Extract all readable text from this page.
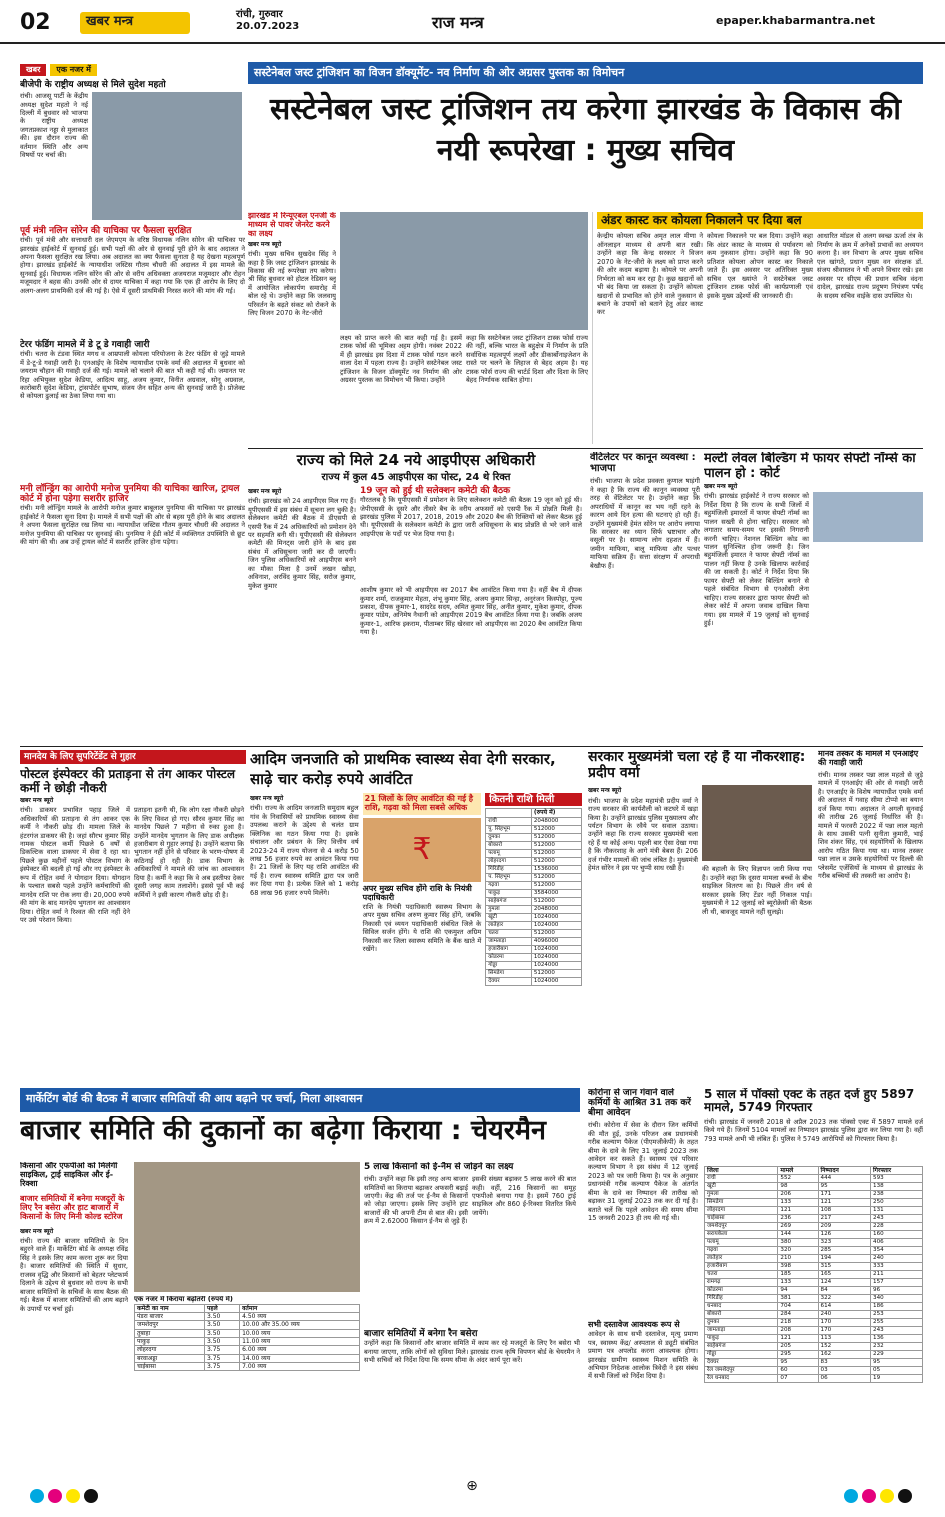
02	खबर मन्त्र	रांची, गुरुवार
20.07.2023	राज मन्त्र	epaper.khabarmantra.net
खबर	एक नजर में
बीजेपी के राष्ट्रीय अध्यक्ष से मिले सुदेश महतो
रांची। आजसू पार्टी के केंद्रीय अध्यक्ष सुदेश महतो ने नई दिल्ली में बुधवार को भाजपा के राष्ट्रीय अध्यक्ष जगतप्रकाश नड्डा से मुलाकात की। इस दौरान राज्य की वर्तमान स्थिति और अन्य विषयों पर चर्चा की।
पूर्व मंत्री नलिन सोरेन की याचिका पर फैसला सुरक्षित
रांची। पूर्व मंत्री और सत्ताधारी दल जेएमएम के वरिष्ठ विधायक नलिन सोरेन की याचिका पर झारखंड हाईकोर्ट में सुनवाई हुई। सभी पक्षों की ओर से सुनवाई पूरी होने के बाद अदालत ने अपना फैसला सुरक्षित रख लिया। अब अदालत का क्या फैसला सुनाता है यह देखना महत्वपूर्ण होगा। झारखंड हाईकोर्ट के न्यायाधीश जस्टिस गौतम चौधरी की अदालत में इस मामले की सुनवाई हुई। विधायक नलिन सोरेन की ओर से वरीय अधिवक्ता अजयराज मजूमदार और रोहन मजूमदार ने बहस की। उनकी ओर से दायर याचिका में कहा गया कि एक ही आरोप के लिए दो अलग-अलग प्राथमिकी दर्ज की गई है। ऐसे में दूसरी प्राथमिकी निरस्त करने की मांग की गई।
टेरर फंडिंग मामले में डे टू डे गवाही जारी
रांची। चतरा के टंडवा स्थित मगध व आम्रपाली कोयला परियोजना के टेरर फंडिंग से जुड़े मामले में डे-टू-डे गवाही जारी है। एनआईए के विशेष न्यायाधीश एमके वर्मा की अदालत में बुधवार को जयराम चौहान की गवाही दर्ज की गई। मामले को चलाने की बात भी कही गई थी। जमानत पर रिहा अभियुक्त सुदेश केडिया, आदित्य साहू, अजय कुमार, विनीत अग्रवाल, सोनू अग्रवाल, कारोबारी सुदेश केडिया, ट्रांसपोर्टर सुभाष, संजय जैन सहित अन्य की सुनवाई जारी है। प्रोजेक्ट से कोयला ढुलाई का ठेका लिया गया था।
मनी लॉन्ड्रिंग का आरोपी मनोज पुनमिया की याचिका खारिज, ट्रायल कोर्ट में होना पड़ेगा सशरीर हाजिर
रांची। मनी लॉन्ड्रिंग मामले के आरोपी मनोज कुमार बाबूलाल पुनमिया की याचिका पर झारखंड हाईकोर्ट ने फैसला सुना दिया है। मामले में सभी पक्षों की ओर से बहस पूरी होने के बाद अदालत ने अपना फैसला सुरक्षित रख लिया था। न्यायाधीश जस्टिस गौतम कुमार चौधरी की अदालत ने मनोज पुनमिया की याचिका पर सुनवाई की। पुनमिया ने ईडी कोर्ट में व्यक्तिगत उपस्थिति से छूट की मांग की थी। अब उन्हें ट्रायल कोर्ट में सशरीर हाजिर होना पड़ेगा।
सस्टेनेबल जस्ट ट्रांजिशन का विजन डॉक्यूमेंट- नव निर्माण की ओर अग्रसर पुस्तक का विमोचन
सस्टेनेबल जस्ट ट्रांजिशन तय करेगा झारखंड के विकास की नयी रूपरेखा : मुख्य सचिव
झारखंड में रिन्यूएबल एनर्जी के माध्यम से पावर जेनरेट करने का लक्ष्य
खबर मन्त्र ब्यूरो
रांची। मुख्य सचिव सुखदेव सिंह ने कहा है कि जस्ट ट्रांजिशन झारखंड के विकास की नई रूपरेखा तय करेगा। श्री सिंह बुधवार को होटल रेडिसन ब्लू में आयोजित लोकार्पण समारोह में बोल रहे थे। उन्होंने कहा कि जलवायु परिवर्तन के बढ़ते संकट को रोकने के लिए विजन 2070 के नेट-जीरो
लक्ष्य को प्राप्त करने की बात कही गई है। इसमें टास्क फोर्स की भूमिका अहम होगी। नवंबर 2022 में ही झारखंड इस दिशा में टास्क फोर्स गठन करने वाला देश में पहला राज्य है। उन्होंने सस्टेनेबल जस्ट ट्रांजिशन के विजन डॉक्यूमेंट नव निर्माण की ओर अग्रसर पुस्तक का विमोचन भी किया। उन्होंने
कहा कि सस्टेनेबल जस्ट ट्रांजिशन टास्क फोर्स राज्य की नहीं, बल्कि भारत के बहुक्षेत्र में निर्माण के प्रति सर्वाधिक महत्वपूर्ण लक्ष्यों और डीकार्बोनाइजेशन के रास्ते पर चलने के लिहाज से बेहद अहम है। यह टास्क फोर्स राज्य की चार्टर्ड दिशा और दिशा के लिए बेहद निर्णायक साबित होगा।
अंडर कास्ट कर कोयला निकालने पर दिया बल
केन्द्रीय कोयला सचिव अमृत लाल मीणा ने ऑनलाइन माध्यम से अपनी बात रखी। उन्होंने कहा कि केन्द्र सरकार ने विजन 2070 के नेट-जीरो के लक्ष्य को प्राप्त करने की ओर कदम बढ़ाया है। कोयले पर अपनी निर्भरता को कम कर रहा है। कुछ खदानों को भी बंद किया जा सकता है। उन्होंने कोयला खदानों से प्रभावित को होने वाले नुकसान से बचाने के उपायों को बताने हेतु अंडर कास्ट कर
कोयला निकालने पर बल दिया। उन्होंने कहा कि अंडर कास्ट के माध्यम से पर्यावरण को कम नुकसान होगा। उन्होंने कहा कि 90 प्रतिशत कोयला ओपन कास्ट कर निकाले जाते हैं। इस अवसर पर अतिरिक्त मुख्य सचिव एल ख्यांग्ते ने सस्टेनेबल जस्ट ट्रांजिशन टास्क फोर्स की कार्यप्रणाली एवं इसके मुख्य उद्देश्यों की जानकारी दी।
आधारित मॉडल से अलग स्वच्छ ऊर्जा तंत्र के निर्माण के क्रम में अनेकों प्रभावों का अध्ययन करना है। वन विभाग के अपर मुख्य सचिव एल खांगते, प्रधान मुख्य वन संरक्षक डॉ. संजय श्रीवास्तव ने भी अपने विचार रखे। इस अवसर पर सीएम की प्रधान सचिव वंदना दादेल, झारखंड राज्य प्रदूषण नियंत्रण पर्षद के सदस्य सचिव वाईके दास उपस्थित थे।
राज्य को मिले 24 नये आइपीएस अधिकारी
राज्य में कुल 45 आइपीएस का पोस्ट, 24 थे रिक्त
खबर मन्त्र ब्यूरो
रांची। झारखंड को 24 आइपीएस मिल गए हैं। यूपीएससी में इस संबंध में सूचना लग चुकी है। सेलेक्शन कमेटी की बैठक में डीएसपी से एसपी रैंक में 24 अधिकारियों को प्रमोशन देने पर सहमति बनी थी। यूपीएससी की सेलेक्शन कमेटी की मिनट्स जारी होने के बाद इस संबंध में अधिसूचना जारी कर दी जाएगी। जिन पुलिस अधिकारियों को आइपीएस बनने का मौका मिला है उनमें लखन खोड़ा, अविनाश, अरविंद कुमार सिंह, सरोज कुमार, मुकेश कुमार
19 जून को हुई थी सलेक्शन कमेटी की बैठक
गौरतलब है कि यूपीएससी में प्रमोशन के लिए सलेक्शन कमेटी की बैठक 19 जून को हुई थी। जेपीएससी के दूसरे और तीसरे बैच के वरीय अफसरों को एसपी रैंक में प्रोन्नति मिली है। झारखंड पुलिस में 2017, 2018, 2019 और 2020 बैच की रिक्तियों को लेकर बैठक हुई थी। यूपीएससी के सलेक्शन कमेटी के द्वारा जारी अधिसूचना के बाद प्रोन्नति से भरे जाने वाले आइपीएस के पदों पर भेज दिया गया है।
आशीष कुमार को भी आइपीएस का 2017 बैच आवंटित किया गया है। वहीं बैच में दीपक कुमार शर्मा, राजकुमार मेहता, शंभू कुमार सिंह, अजय कुमार सिन्हा, अनुरंजन किस्पोट्टा, पूज्य प्रकाश, दीपक कुमार-1, सादरेड सदय, अमित कुमार सिंह, अनीत कुमार, मुकेश कुमार, दीपक कुमार पांडेय, अनिमेष नैथानी को आइपीएस 2019 बैच आवंटित किया गया है। जबकि अजय कुमार-1, आरिफ इकराम, पीताम्बर सिंह खेरवार को आइपीएस का 2020 बैच आवंटित किया गया है।
वेंटिलेटर पर कानून व्यवस्था : भाजपा
रांची। भाजपा के प्रदेश प्रवक्ता कुणाल षाड़ंगी ने कहा है कि राज्य की कानून व्यवस्था पूरी तरह से वेंटिलेटर पर है। उन्होंने कहा कि अपराधियों में कानून का भय नहीं रहने के कारण आये दिन हत्या की घटनाएं हो रही हैं। उन्होंने मुख्यमंत्री हेमंत सोरेन पर आरोप लगाया कि सरकार का ध्यान सिर्फ भ्रष्टाचार और वसूली पर है। सामान्य लोग दहशत में हैं। जमीन माफिया, बालू माफिया और पत्थर माफिया सक्रिय हैं। सत्ता संरक्षण में अपराधी बेखौफ हैं।
मल्टी लेवल बिल्डिंग में फायर सेफ्टी नॉर्म्स का पालन हो : कोर्ट
खबर मन्त्र ब्यूरो
रांची। झारखंड हाईकोर्ट ने राज्य सरकार को निर्देश दिया है कि राज्य के सभी जिलों में बहुमंजिली इमारतों में फायर सेफ्टी नॉर्म्स का पालन सख्ती से होना चाहिए। सरकार को लगातार समय-समय पर इसकी निगरानी करनी चाहिए। नेशनल बिल्डिंग कोड का पालन सुनिश्चित होना जरूरी है। जिन बहुमंजिली इमारत ने फायर सेफ्टी नॉर्म्स का पालन नहीं किया है उनके खिलाफ कार्रवाई की जा सकती है। कोर्ट ने निर्देश दिया कि फायर सेफ्टी को लेकर बिल्डिंग बनाने से पहले संबंधित विभाग से एनओसी लेना चाहिए। राज्य सरकार द्वारा फायर सेफ्टी को लेकर कोर्ट में अपना जवाब दाखिल किया गया। इस मामले में 19 जुलाई को सुनवाई हुई।
मानदेय के लिए सुपरिटेंडेंट से गुहार
पोस्टल इंस्पेक्टर की प्रताड़ना से तंग आकर पोस्टल कर्मी ने छोड़ी नौकरी
खबर मन्त्र ब्यूरो
रांची। डाकघर प्रभावित पहाड़ जिले में अधिकारियों की प्रताड़ना से तंग आकर एक कर्मी ने नौकरी छोड़ दी। मामला जिले के हंटरगंज डाकघर की है। जहां सौरभ कुमार सिंह नामक पोस्टल कर्मी पिछले 6 वर्षों से डिकल्टिक वाला डाकघर में सेवा दे रहा था। पिछले कुछ महीनों पहले पोस्टल विभाग के इंस्पेक्टर की बदली हो गई और नए इंस्पेक्टर के रूप में रोहित वर्मा ने योगदान दिया। योगदान के पश्चात सबसे पहले उन्होंने कर्मचारियों की मानदेय राशि पर रोक लगा दी। 20,000 रुपये की मांग के बाद मानदेय भुगतान का आश्वासन दिया। रोहित वर्मा ने रिश्वत की राशि नहीं देने पर उसे परेशान किया।
प्रताड़ना इतनी थी, कि लोग रक्षा नौकरी छोड़ने के लिए विवश हो गए। सौरव कुमार सिंह का मानदेय पिछले 7 महीना से रुका हुआ है। उन्होंने मानदेय भुगतान के लिए डाक अधीक्षक हजारीबाग से गुहार लगाई है। उन्होंने बताया कि भुगतान नहीं होने से परिवार के भरण-पोषण में कठिनाई हो रही है। डाक विभाग के अधिकारियों ने मामले की जांच का आश्वासन दिया है। कर्मी ने कहा कि वे अब इस्तीफा देकर दूसरी जगह काम तलाशेंगे। इससे पूर्व भी कई कर्मियों ने इसी कारण नौकरी छोड़ दी है।
आदिम जनजाति को प्राथमिक स्वास्थ्य सेवा देगी सरकार, साढ़े चार करोड़ रुपये आवंटित
खबर मन्त्र ब्यूरो
रांची। राज्य के आदिम जनजाति समुदाय बहुल गांव के निवासियों को प्राथमिक स्वास्थ्य सेवा उपलब्ध कराने के उद्देश्य से चलंत ग्राम क्लिनिक का गठन किया गया है। इसके संचालन और प्रबंधन के लिए वित्तीय वर्ष 2023-24 में राज्य योजना से 4 करोड़ 50 लाख 56 हजार रुपये का आवंटन किया गया है। 21 जिलों के लिए यह राशि आवंटित की गई है। राज्य स्वास्थ्य समिति द्वारा पत्र जारी कर दिया गया है। प्रत्येक जिले को 1 करोड़ 68 लाख 96 हजार रुपये मिलेंगे।
21 जिलों के लिए आवंटित की गई है राशि, गढ़वा को मिला सबसे अधिक
₹
अपर मुख्य सचिव होंगे राशि के नियंत्री पदाधिकारी
राशि के नियंत्री पदाधिकारी स्वास्थ्य विभाग के अपर मुख्य सचिव अरुण कुमार सिंह होंगे, जबकि निकासी एवं व्ययन पदाधिकारी संबंधित जिले के सिविल सर्जन होंगे। ये राशि की एकमुश्त अग्रिम निकासी कर जिला स्वास्थ्य समिति के बैंक खाते में रखेंगे।
कितनी राशि मिली
	(रुपये में)
रांची	2048000
पू. सिंहभूम	512000
दुमका	512000
बोकारो	512000
पलामू	512000
लोहरदगा	512000
गिरिडीह	1536000
प. सिंहभूम	512000
गढ़वा	512000
पाकुड़	3584000
साहेबगंज	512000
गुमला	2048000
खूंटी	1024000
लातेहार	1024000
चतरा	512000
जामताड़ा	4096000
हजारीबाग	1024000
कोडरमा	1024000
गोड्डा	1024000
सिमडेगा	512000
देवघर	1024000
सरकार मुख्यमंत्री चला रहे हैं या नौकरशाह: प्रदीप वर्मा
खबर मन्त्र ब्यूरो
रांची। भाजपा के प्रदेश महामंत्री प्रदीप वर्मा ने राज्य सरकार की कार्यशैली को कटघरे में खड़ा किया है। उन्होंने झारखंड पुलिस मुख्यालय और पर्यटन विभाग के रवैये पर सवाल उठाया। उन्होंने कहा कि राज्य सरकार मुख्यमंत्री चला रहे हैं या कोई अन्य। पहली बार ऐसा देखा गया है कि नौकरशाह के आगे मंत्री बेबस हैं। 206 दर्ज गंभीर मामलों की जांच लंबित है। मुख्यमंत्री हेमंत सोरेन ने इस पर चुप्पी साध रखी है।	की बहाली के लिए विज्ञापन जारी किया गया है। उन्होंने कहा कि दूसरा मामला बच्चों के बीच साइकिल वितरण का है। पिछले तीन वर्ष से सरकार इसके लिए टेंडर नहीं निकाल पाई। मुख्यमंत्री ने 12 जुलाई को ब्यूरोक्रेसी की बैठक ली थी, बावजूद मामले नहीं सुलझे।
मानव तस्कर के मामले में एनआईए की गवाही जारी
रांची। मानव तस्कर पन्ना लाल महतो से जुड़े मामले में एनआईए की ओर से गवाही जारी है। एनआईए के विशेष न्यायाधीश एमके वर्मा की अदालत में गवाह सीमा टोप्पो का बयान दर्ज किया गया। अदालत ने अगली सुनवाई की तारीख 26 जुलाई निर्धारित की है। मामले में फरवरी 2022 में पन्ना लाल महतो के साथ उसकी पत्नी सुनीता कुमारी, भाई शिव शंकर सिंह, एवं सहयोगियों के खिलाफ आरोप गठित किया गया था। मानव तस्कर पन्ना लाल व उसके सहयोगियों पर दिल्ली की प्लेसमेंट एजेंसियों के माध्यम से झारखंड के गरीब बच्चियों की तस्करी का आरोप है।
मार्केटिंग बोर्ड की बैठक में बाजार समितियों की आय बढ़ाने पर चर्चा, मिला आश्वासन
बाजार समिति की दुकानों का बढ़ेगा किराया : चेयरमैन
किसानों और एफपीओ को मिलेगी साइकिल, ट्राई साइकिल और ई-रिक्शा
बाजार समितियों में बनेगा मजदूरों के लिए रैन बसेरा और हाट बाजारों में किसानों के लिए मिनी कोल्ड स्टोरेज
खबर मन्त्र ब्यूरो
रांची। राज्य की बाजार समितियों के दिन बहुरने वाले हैं। मार्केटिंग बोर्ड के अध्यक्ष रविंद्र सिंह ने इसके लिए काम करना शुरू कर दिया है। बाजार समितियों की स्थिति में सुधार, राजस्व वृद्धि और किसानों को बेहतर प्लेटफार्म दिलाने के उद्देश्य से बुधवार को राज्य के सभी बाजार समितियों के सचिवों के साथ बैठक की गई। बैठक में बाजार समितियों की आय बढ़ाने के उपायों पर चर्चा हुई।
एक नजर में किराया बढ़ोतरी (रुपये में)
कमेटी का नाम	पहले	वर्तमान
पंडरा बाजार	3.50	4.50 व्यय
जमशेदपुर	3.50	10.00 और 35.00 व्यय
तुबाहा	3.50	10.00 व्यय
पाकुड़	3.50	11.00 व्यय
लोहरदगा	3.75	6.00 व्यय
बरवाअड्डा	3.75	14.00 व्यय
चाईबासा	3.75	7.00 व्यय
5 लाख किसानों को ई-नैम से जोड़ने का लक्ष्य
रांची। उन्होंने कहा कि इसी तरह अन्य बाजार समितियों का किराया बढ़ाकर अफसरी बढ़ाई जाएगी। केंद्र की तर्ज पर ई-नैम से किसानों को जोड़ा जाएगा। इसके लिए उन्होंने हाट बाजारों की भी अपनी टीम से बात की। इसी क्रम में 2.62000 किसान ई-नैम से जुड़े हैं।
इसकी संख्या बढ़ाकर 5 लाख करने की बात कही। वहीं, 216 किसानों का समूह एफपीओ बनाया गया है। इसमें 760 ट्राई साइकिल और 860 ई-रिक्शा वितरित किये जायेंगे।
बाजार समितियों में बनेगा रैन बसेरा
उन्होंने कहा कि किसानों और बाजार समिति में काम कर रहे मजदूरों के लिए रैन बसेरा भी बनाया जाएगा, ताकि लोगों को सुविधा मिले। झारखंड राज्य कृषि विपणन बोर्ड के चेयरमैन ने सभी सचिवों को निर्देश दिया कि समय सीमा के अंदर कार्य पूरा करें।
कोरोना से जान गंवाने वाले कर्मियों के आश्रित 31 तक करें बीमा आवेदन
रांची। कोरोना में सेवा के दौरान जिन कर्मियों की मौत हुई, उनके परिजन अब प्रधानमंत्री गरीब कल्याण पैकेज (पीएमजीकेपी) के तहत बीमा के दावे के लिए 31 जुलाई 2023 तक आवेदन कर सकते हैं। स्वास्थ्य एवं परिवार कल्याण विभाग ने इस संबंध में 12 जुलाई 2023 को पत्र जारी किया है। पत्र के अनुसार प्रधानमंत्री गरीब कल्याण पैकेज के अंतर्गत बीमा के दावे का निष्पादन की तारीख को बढ़ाकर 31 जुलाई 2023 तक कर दी गई है। बताते चलें कि पहले आवेदन की समय सीमा 15 जनवरी 2023 ही तय की गई थी।
सभी दस्तावेज आवश्यक रूप से
आवेदन के साथ सभी दस्तावेज, मृत्यु प्रमाण पत्र, स्वास्थ्य केंद्र/ अस्पताल से ड्यूटी संबंधित प्रमाण पत्र अपलोड करना आवश्यक होगा। झारखंड ग्रामीण स्वास्थ्य मिशन समिति के अभियान निदेशक आलोक त्रिवेदी ने इस संबंध में सभी जिलों को निर्देश दिया है।
5 साल में पॉक्सो एक्ट के तहत दर्ज हुए 5897 मामले, 5749 गिरफ्तार
रांची। झारखंड में जनवरी 2018 से अप्रैल 2023 तक पॉक्सो एक्ट में 5897 मामले दर्ज किये गये हैं। जिनमें 5104 मामलों का निष्पादन झारखंड पुलिस द्वारा कर लिया गया है। वहीं 793 मामले अभी भी लंबित हैं। पुलिस ने 5749 आरोपियों को गिरफ्तार किया है।
जिला	मामले	निष्पादन	गिरफ्तार
रांची	552	444	593
खूंटी	98	95	138
गुमला	206	171	238
सिमडेगा	133	121	250
लोहरदगा	121	108	131
चाईबासा	236	217	243
जमशेदपुर	269	209	228
सरायकेला	144	126	160
पलामू	380	323	406
गढ़वा	320	285	354
लातेहार	210	194	240
हजारीबाग	398	315	333
चतरा	185	165	211
रामगढ़	133	124	157
कोडरमा	94	84	96
गिरिडीह	381	322	340
धनबाद	704	614	186
बोकारो	284	240	253
दुमका	218	170	255
जामताड़ा	208	170	243
पाकुड़	121	113	136
साहेबगंज	205	152	232
गोड्डा	295	162	229
देवघर	95	83	95
रेल जमशेदपुर	60	03	05
रेल धनबाद	07	06	19
⊕
